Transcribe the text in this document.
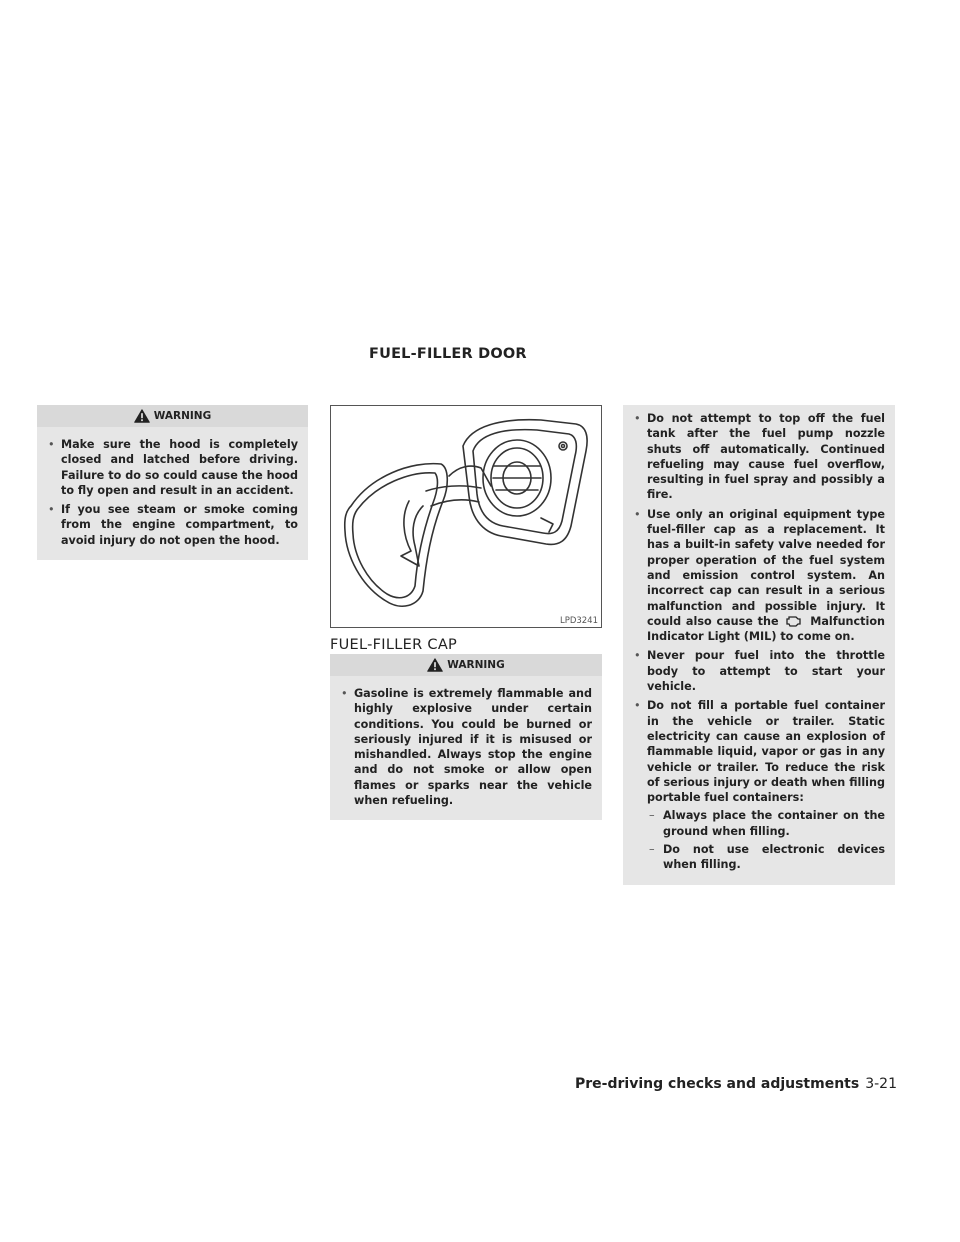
FUEL-FILLER DOOR
WARNING
• Make sure the hood is completely closed and latched before driving. Failure to do so could cause the hood to fly open and result in an accident.
• If you see steam or smoke coming from the engine compartment, to avoid injury do not open the hood.
LPD3241
FUEL-FILLER CAP
WARNING
• Gasoline is extremely flammable and highly explosive under certain conditions. You could be burned or seriously injured if it is misused or mishandled. Always stop the engine and do not smoke or allow open flames or sparks near the vehicle when refueling.
• Do not attempt to top off the fuel tank after the fuel pump nozzle shuts off automatically. Continued refueling may cause fuel overflow, resulting in fuel spray and possibly a fire.
• Use only an original equipment type fuel-filler cap as a replacement. It has a built-in safety valve needed for proper operation of the fuel system and emission control system. An incorrect cap can result in a serious malfunction and possible injury. It could also cause the	Malfunction Indicator Light (MIL) to come on.
• Never pour fuel into the throttle body to attempt to start your vehicle.
• Do not fill a portable fuel container in the vehicle or trailer. Static electricity can cause an explosion of flammable liquid, vapor or gas in any vehicle or trailer. To reduce the risk of serious injury or death when filling portable fuel containers:
– Always place the container on the ground when filling.
– Do not use electronic devices when filling.
Pre-driving checks and adjustments 3-21
